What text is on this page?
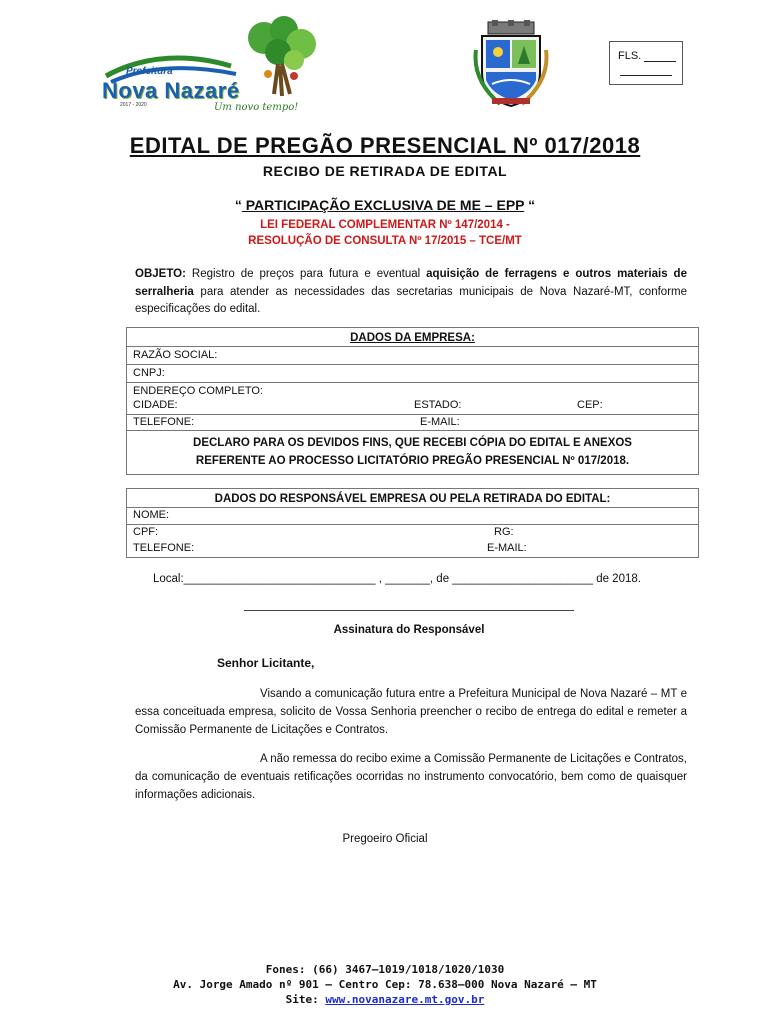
Prefeitura
Nova Nazaré
2017 - 2020	Um novo tempo!
FLS.
EDITAL DE PREGÃO PRESENCIAL Nº 017/2018
RECIBO DE RETIRADA DE EDITAL
“ PARTICIPAÇÃO EXCLUSIVA DE ME – EPP “
LEI FEDERAL COMPLEMENTAR Nº 147/2014 -
RESOLUÇÃO DE CONSULTA Nº 17/2015 – TCE/MT
OBJETO: Registro de preços para futura e eventual aquisição de ferragens e outros materiais de serralheria para atender as necessidades das secretarias municipais de Nova Nazaré-MT, conforme especificações do edital.
DADOS DA EMPRESA:
RAZÃO SOCIAL:
CNPJ:
ENDEREÇO COMPLETO:
CIDADE:	ESTADO:	CEP:
TELEFONE:	E-MAIL:
DECLARO PARA OS DEVIDOS FINS, QUE RECEBI CÓPIA DO EDITAL E ANEXOS
REFERENTE AO PROCESSO LICITATÓRIO PREGÃO PRESENCIAL Nº 017/2018.
DADOS DO RESPONSÁVEL EMPRESA OU PELA RETIRADA DO EDITAL:
NOME:
CPF:	RG:
TELEFONE:	E-MAIL:
Local:______________________________ , _______, de ______________________ de 2018.
Assinatura do Responsável
Senhor Licitante,
Visando a comunicação futura entre a Prefeitura Municipal de Nova Nazaré – MT e essa conceituada empresa, solicito de Vossa Senhoria preencher o recibo de entrega do edital e remeter a Comissão Permanente de Licitações e Contratos.
A não remessa do recibo exime a Comissão Permanente de Licitações e Contratos, da comunicação de eventuais retificações ocorridas no instrumento convocatório, bem como de quaisquer informações adicionais.
Pregoeiro Oficial
Fones: (66) 3467–1019/1018/1020/1030
Av. Jorge Amado nº 901 – Centro Cep: 78.638–000 Nova Nazaré – MT
Site: www.novanazare.mt.gov.br
